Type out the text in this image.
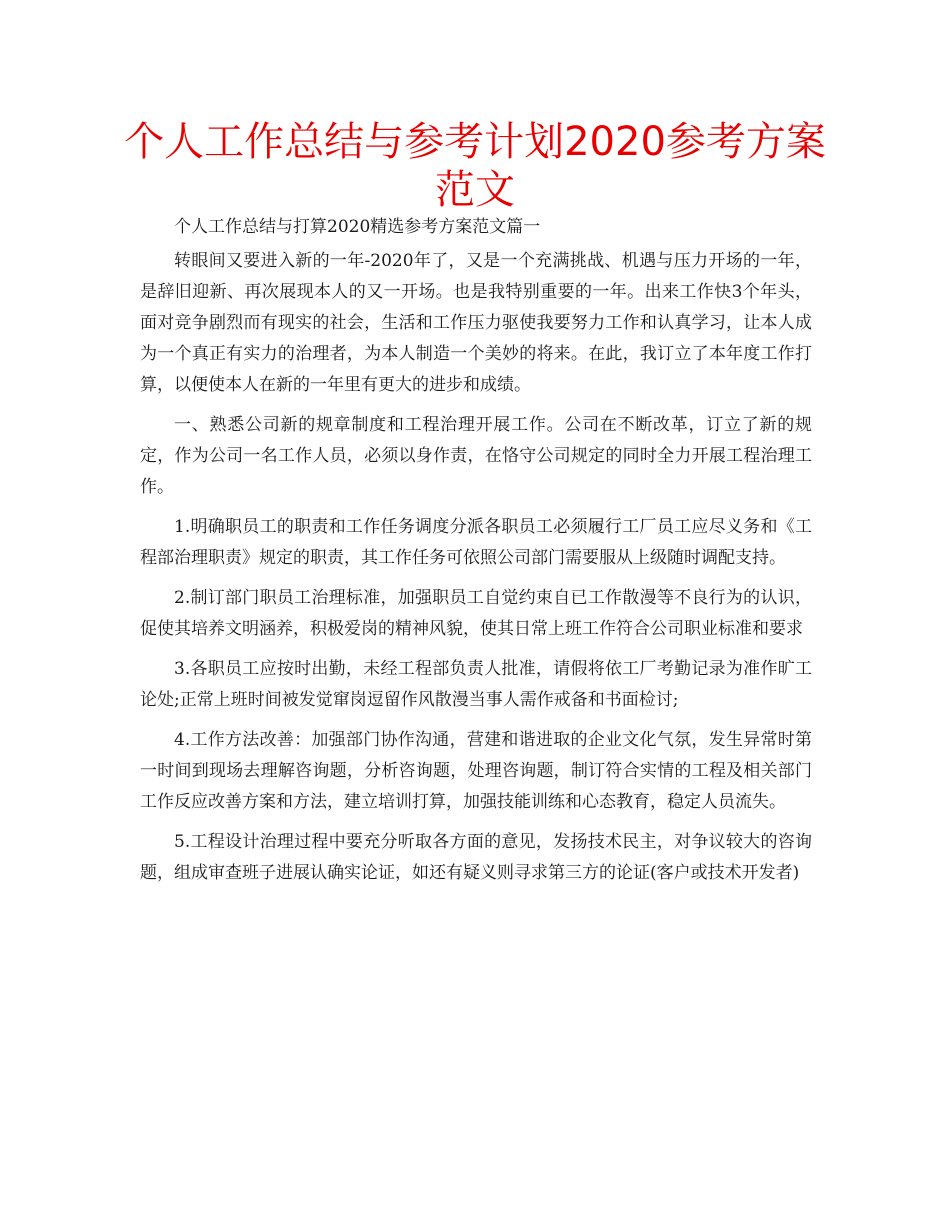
个人工作总结与参考计划2020参考方案范文

个人工作总结与打算2020精选参考方案范文篇一

转眼间又要进入新的一年-2020年了，又是一个充满挑战、机遇与压力开场的一年，是辞旧迎新、再次展现本人的又一开场。也是我特别重要的一年。出来工作快3个年头，面对竞争剧烈而有现实的社会，生活和工作压力驱使我要努力工作和认真学习，让本人成为一个真正有实力的治理者，为本人制造一个美妙的将来。在此，我订立了本年度工作打算，以便使本人在新的一年里有更大的进步和成绩。

一、熟悉公司新的规章制度和工程治理开展工作。公司在不断改革，订立了新的规定，作为公司一名工作人员，必须以身作责，在恪守公司规定的同时全力开展工程治理工作。

1.明确职员工的职责和工作任务调度分派各职员工必须履行工厂员工应尽义务和《工程部治理职责》规定的职责，其工作任务可依照公司部门需要服从上级随时调配支持。

2.制订部门职员工治理标准，加强职员工自觉约束自已工作散漫等不良行为的认识，促使其培养文明涵养，积极爱岗的精神风貌，使其日常上班工作符合公司职业标准和要求

3.各职员工应按时出勤，未经工程部负责人批准，请假将依工厂考勤记录为准作旷工论处;正常上班时间被发觉窜岗逗留作风散漫当事人需作戒备和书面检讨;

4.工作方法改善：加强部门协作沟通，营建和谐进取的企业文化气氛，发生异常时第一时间到现场去理解咨询题，分析咨询题，处理咨询题，制订符合实情的工程及相关部门工作反应改善方案和方法，建立培训打算，加强技能训练和心态教育，稳定人员流失。

5.工程设计治理过程中要充分听取各方面的意见，发扬技术民主，对争议较大的咨询题，组成审查班子进展认确实论证，如还有疑义则寻求第三方的论证(客户或技术开发者)
